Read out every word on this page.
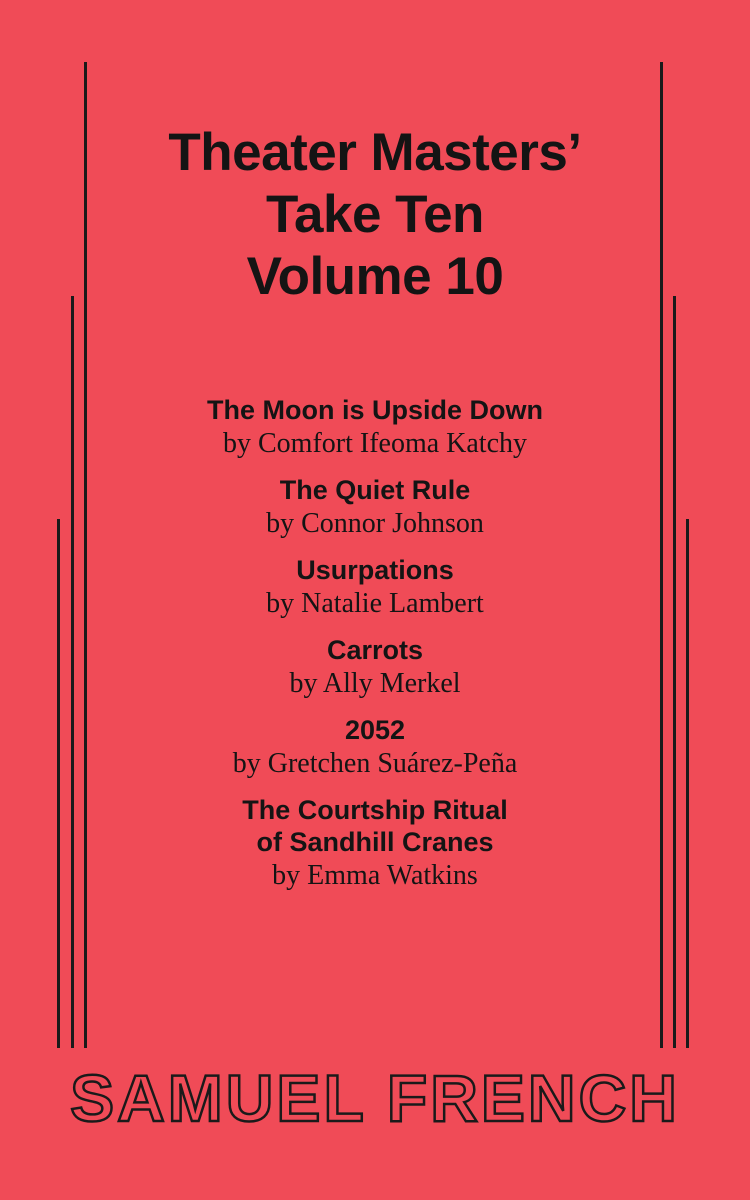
Theater Masters’
Take Ten
Volume 10
The Moon is Upside Down
by Comfort Ifeoma Katchy
The Quiet Rule
by Connor Johnson
Usurpations
by Natalie Lambert
Carrots
by Ally Merkel
2052
by Gretchen Suárez-Peña
The Courtship Ritual
of Sandhill Cranes
by Emma Watkins
SAMUEL FRENCH
